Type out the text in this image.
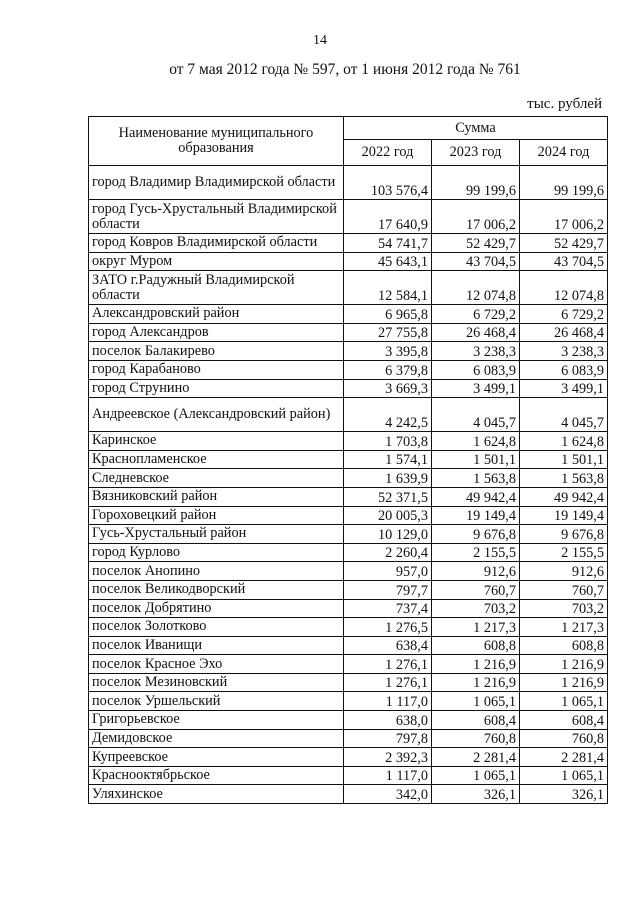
14
от 7 мая 2012 года № 597, от 1 июня 2012 года № 761
тыс. рублей
Наименование муниципального образования	Сумма		
	2022 год	2023 год	2024 год
город Владимир Владимирской области	103 576,4	99 199,6	99 199,6
город Гусь-Хрустальный Владимирской области	17 640,9	17 006,2	17 006,2
город Ковров Владимирской области	54 741,7	52 429,7	52 429,7
округ Муром	45 643,1	43 704,5	43 704,5
ЗАТО г.Радужный Владимирской области	12 584,1	12 074,8	12 074,8
Александровский район	6 965,8	6 729,2	6 729,2
город Александров	27 755,8	26 468,4	26 468,4
поселок Балакирево	3 395,8	3 238,3	3 238,3
город Карабаново	6 379,8	6 083,9	6 083,9
город Струнино	3 669,3	3 499,1	3 499,1
Андреевское (Александровский район)	4 242,5	4 045,7	4 045,7
Каринское	1 703,8	1 624,8	1 624,8
Краснопламенское	1 574,1	1 501,1	1 501,1
Следневское	1 639,9	1 563,8	1 563,8
Вязниковский район	52 371,5	49 942,4	49 942,4
Гороховецкий район	20 005,3	19 149,4	19 149,4
Гусь-Хрустальный район	10 129,0	9 676,8	9 676,8
город Курлово	2 260,4	2 155,5	2 155,5
поселок Анопино	957,0	912,6	912,6
поселок Великодворский	797,7	760,7	760,7
поселок Добрятино	737,4	703,2	703,2
поселок Золотково	1 276,5	1 217,3	1 217,3
поселок Иванищи	638,4	608,8	608,8
поселок Красное Эхо	1 276,1	1 216,9	1 216,9
поселок Мезиновский	1 276,1	1 216,9	1 216,9
поселок Уршельский	1 117,0	1 065,1	1 065,1
Григорьевское	638,0	608,4	608,4
Демидовское	797,8	760,8	760,8
Купреевское	2 392,3	2 281,4	2 281,4
Краснооктябрьское	1 117,0	1 065,1	1 065,1
Уляхинское	342,0	326,1	326,1
